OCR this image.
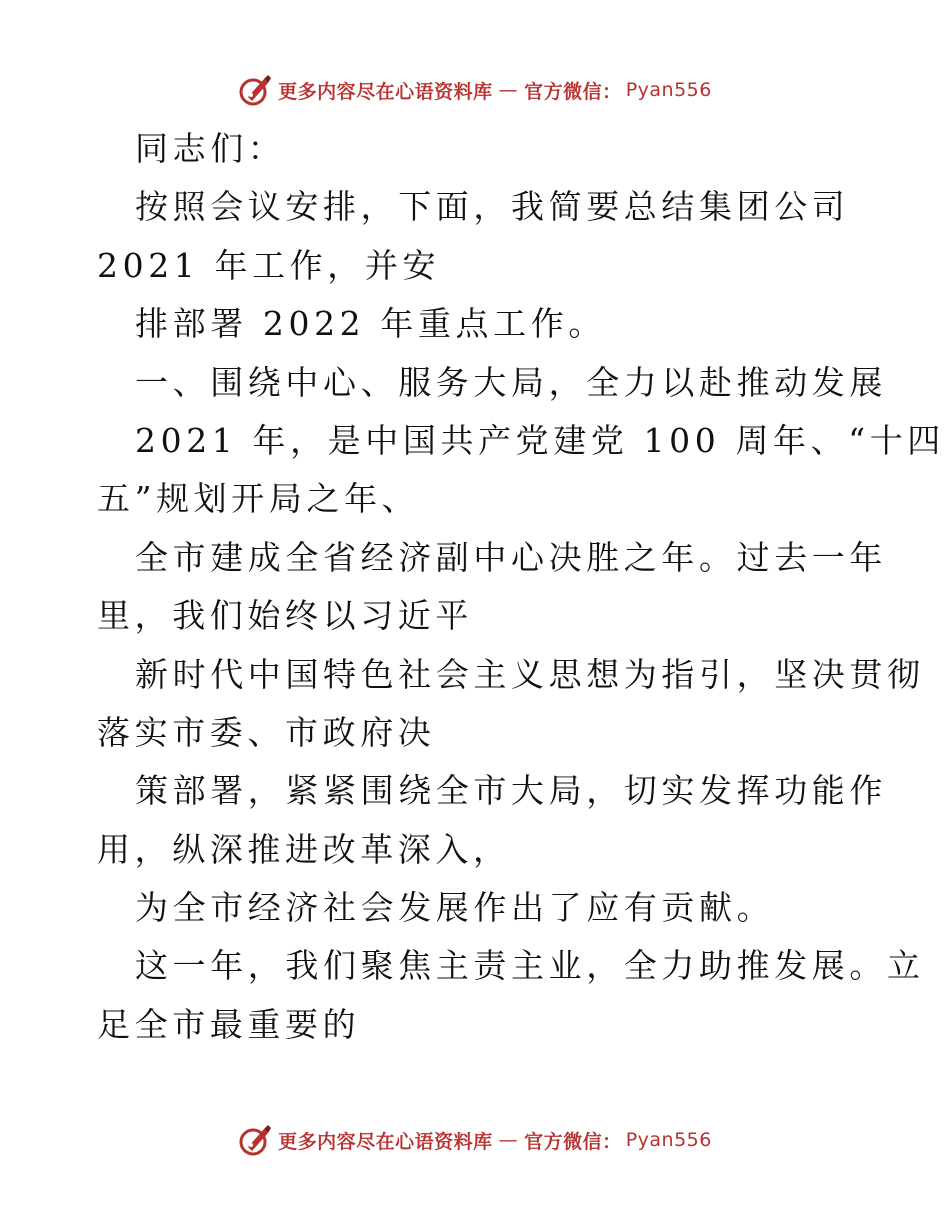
更多内容尽在心语资料库 — 官方微信： Pyan556
同志们：
按照会议安排，下面，我简要总结集团公司
2021 年工作，并安
排部署 2022 年重点工作。
一、围绕中心、服务大局，全力以赴推动发展
2021 年，是中国共产党建党 100 周年、“十四
五”规划开局之年、
全市建成全省经济副中心决胜之年。过去一年
里，我们始终以习近平
新时代中国特色社会主义思想为指引，坚决贯彻
落实市委、市政府决
策部署，紧紧围绕全市大局，切实发挥功能作
用，纵深推进改革深入，
为全市经济社会发展作出了应有贡献。
这一年，我们聚焦主责主业，全力助推发展。立
足全市最重要的
更多内容尽在心语资料库 — 官方微信： Pyan556
